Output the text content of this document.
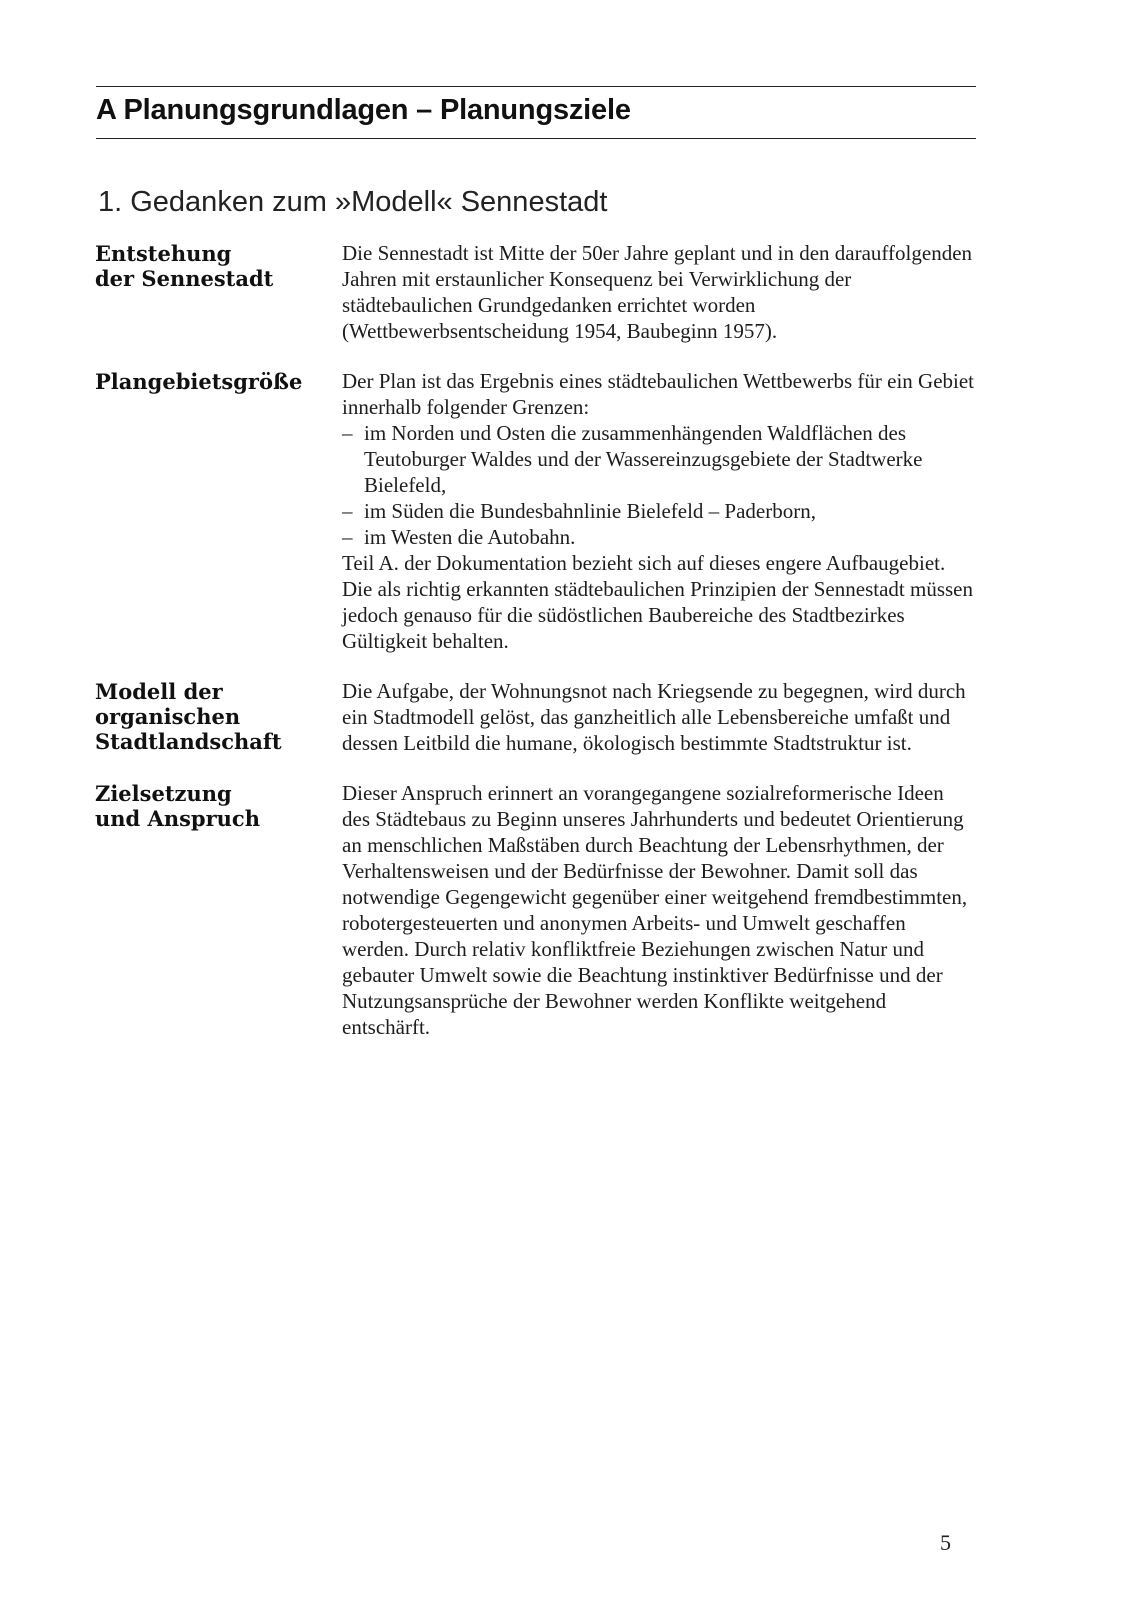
A Planungsgrundlagen – Planungsziele
1. Gedanken zum »Modell« Sennestadt
Entstehung
der Sennestadt

Die Sennestadt ist Mitte der 50er Jahre geplant und in den darauffolgenden Jahren mit erstaunlicher Konsequenz bei Verwirklichung der städtebaulichen Grundgedanken errichtet worden (Wettbewerbsentscheidung 1954, Baubeginn 1957).

Plangebietsgröße	Der Plan ist das Ergebnis eines städtebaulichen Wettbewerbs für ein Gebiet innerhalb folgender Grenzen:

– im Norden und Osten die zusammenhängenden Waldflächen des Teutoburger Waldes und der Wassereinzugsgebiete der Stadtwerke Bielefeld,
– im Süden die Bundesbahnlinie Bielefeld – Paderborn,
– im Westen die Autobahn.

Teil A. der Dokumentation bezieht sich auf dieses engere Aufbaugebiet. Die als richtig erkannten städtebaulichen Prinzipien der Sennestadt müssen jedoch genauso für die südöstlichen Baubereiche des Stadtbezirkes Gültigkeit behalten.

Modell der
organischen
Stadtlandschaft

Die Aufgabe, der Wohnungsnot nach Kriegsende zu begegnen, wird durch ein Stadtmodell gelöst, das ganzheitlich alle Lebensbereiche umfaßt und dessen Leitbild die humane, ökologisch bestimmte Stadtstruktur ist.

Zielsetzung
und Anspruch

Dieser Anspruch erinnert an vorangegangene sozialreformerische Ideen des Städtebaus zu Beginn unseres Jahrhunderts und bedeutet Orientierung an menschlichen Maßstäben durch Beachtung der Lebensrhythmen, der Verhaltensweisen und der Bedürfnisse der Bewohner. Damit soll das notwendige Gegengewicht gegenüber einer weitgehend fremdbestimmten, robotergesteuerten und anonymen Arbeits- und Umwelt geschaffen werden. Durch relativ konfliktfreie Beziehungen zwischen Natur und gebauter Umwelt sowie die Beachtung instinktiver Bedürfnisse und der Nutzungsansprüche der Bewohner werden Konflikte weitgehend entschärft.

5
